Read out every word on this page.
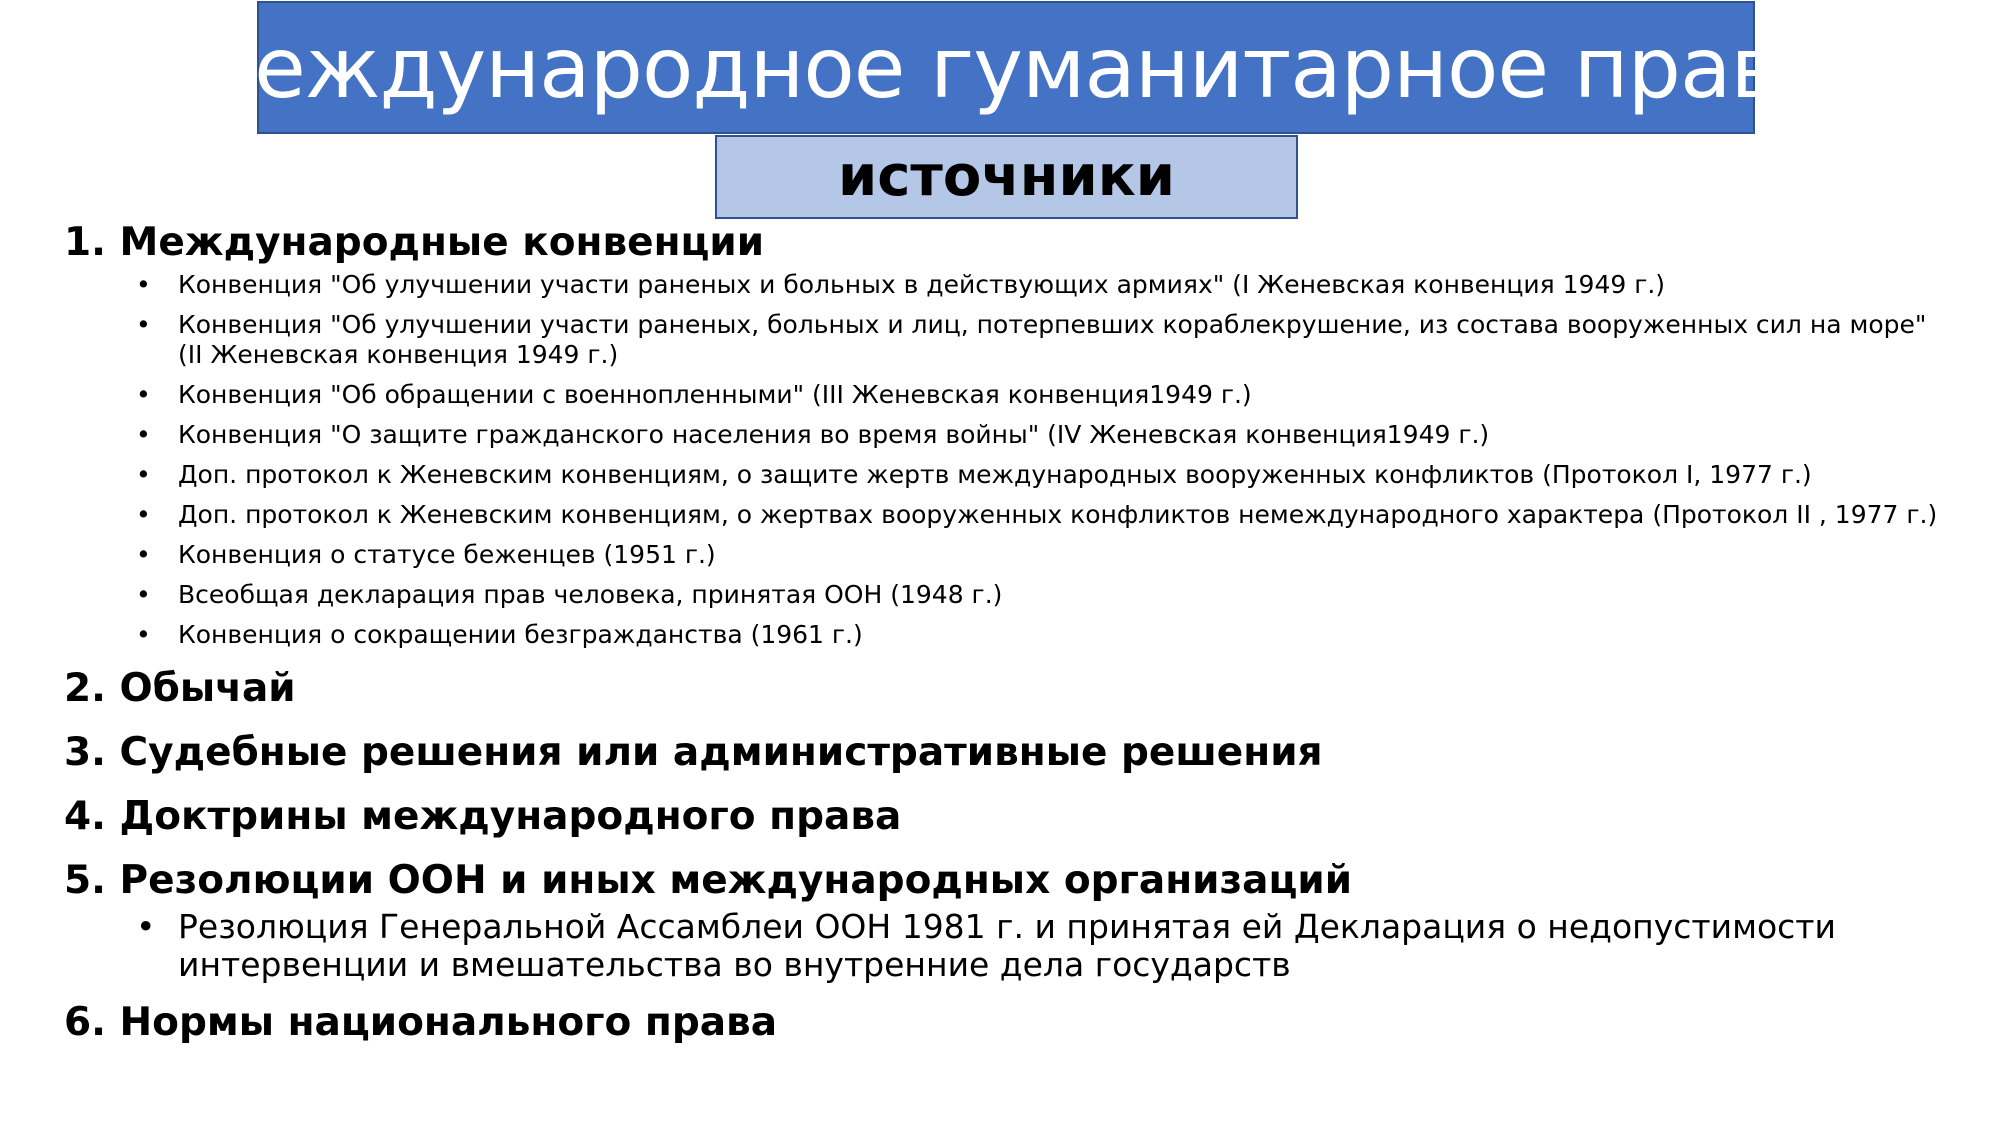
Международное гуманитарное право
источники
1. Международные конвенции
• Конвенция "Об улучшении участи раненых и больных в действующих армиях" (I Женевская конвенция 1949 г.)
• Конвенция "Об улучшении участи раненых, больных и лиц, потерпевших кораблекрушение, из состава вооруженных сил на море" (II Женевская конвенция 1949 г.)
• Конвенция "Об обращении с военнопленными" (III Женевская конвенция1949 г.)
• Конвенция "О защите гражданского населения во время войны" (IV Женевская конвенция1949 г.)
• Доп. протокол к Женевским конвенциям, о защите жертв международных вооруженных конфликтов (Протокол I, 1977 г.)
• Доп. протокол к Женевским конвенциям, о жертвах вооруженных конфликтов немеждународного характера (Протокол II , 1977 г.)
• Конвенция о статусе беженцев (1951 г.)
• Всеобщая декларация прав человека, принятая ООН (1948 г.)
• Конвенция о сокращении безгражданства (1961 г.)
2. Обычай
3. Судебные решения или административные решения
4. Доктрины международного права
5. Резолюции ООН и иных международных организаций
• Резолюция Генеральной Ассамблеи ООН 1981 г. и принятая ей Декларация о недопустимости интервенции и вмешательства во внутренние дела государств
6. Нормы национального права
